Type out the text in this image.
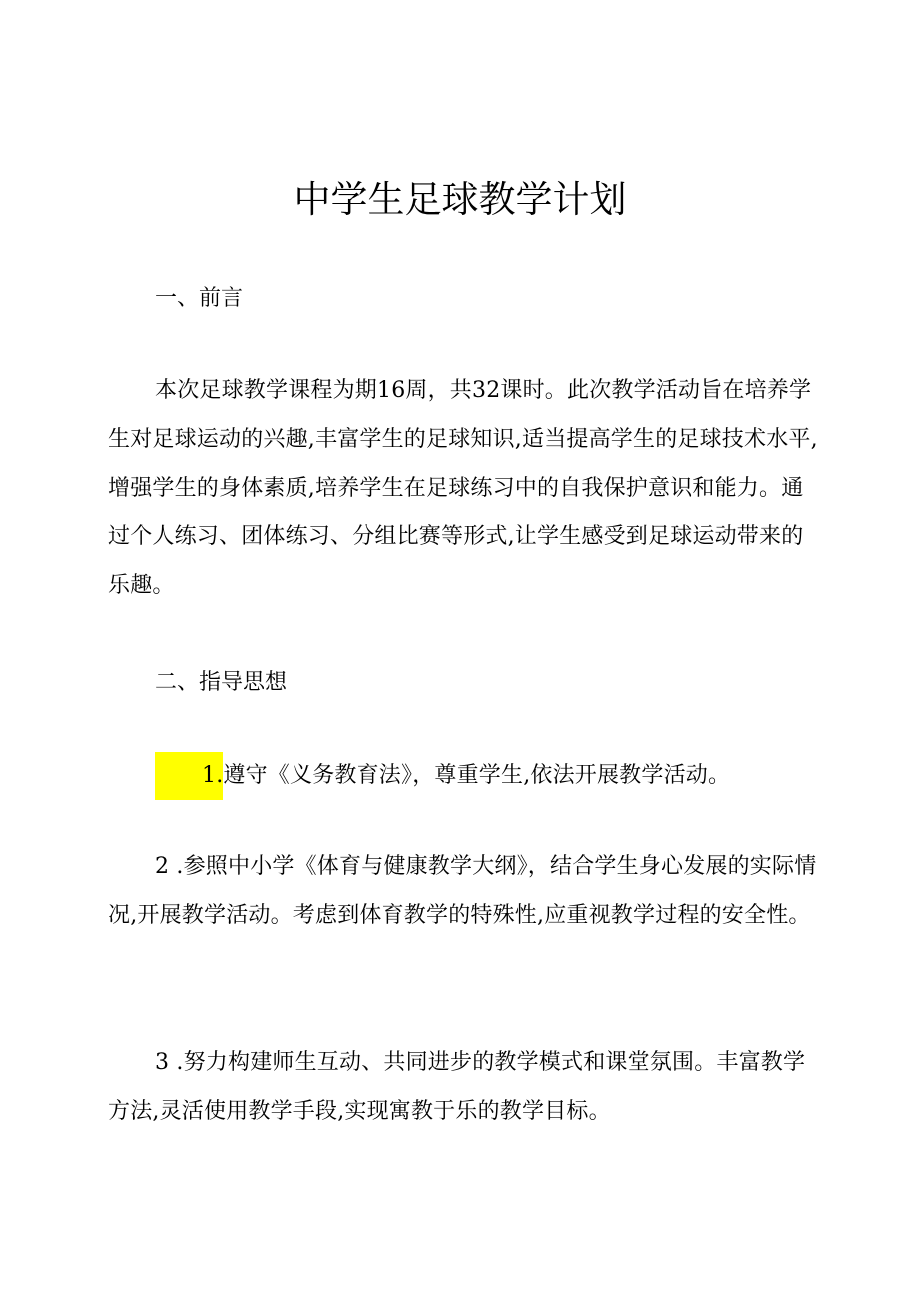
中学生足球教学计划
一、前言

本次足球教学课程为期16周，共32课时。此次教学活动旨在培养学生对足球运动的兴趣,丰富学生的足球知识,适当提高学生的足球技术水平,增强学生的身体素质,培养学生在足球练习中的自我保护意识和能力。通过个人练习、团体练习、分组比赛等形式,让学生感受到足球运动带来的乐趣。

二、指导思想

1.遵守《义务教育法》，尊重学生,依法开展教学活动。

2 .参照中小学《体育与健康教学大纲》，结合学生身心发展的实际情况,开展教学活动。考虑到体育教学的特殊性,应重视教学过程的安全性。

3 .努力构建师生互动、共同进步的教学模式和课堂氛围。丰富教学方法,灵活使用教学手段,实现寓教于乐的教学目标。
